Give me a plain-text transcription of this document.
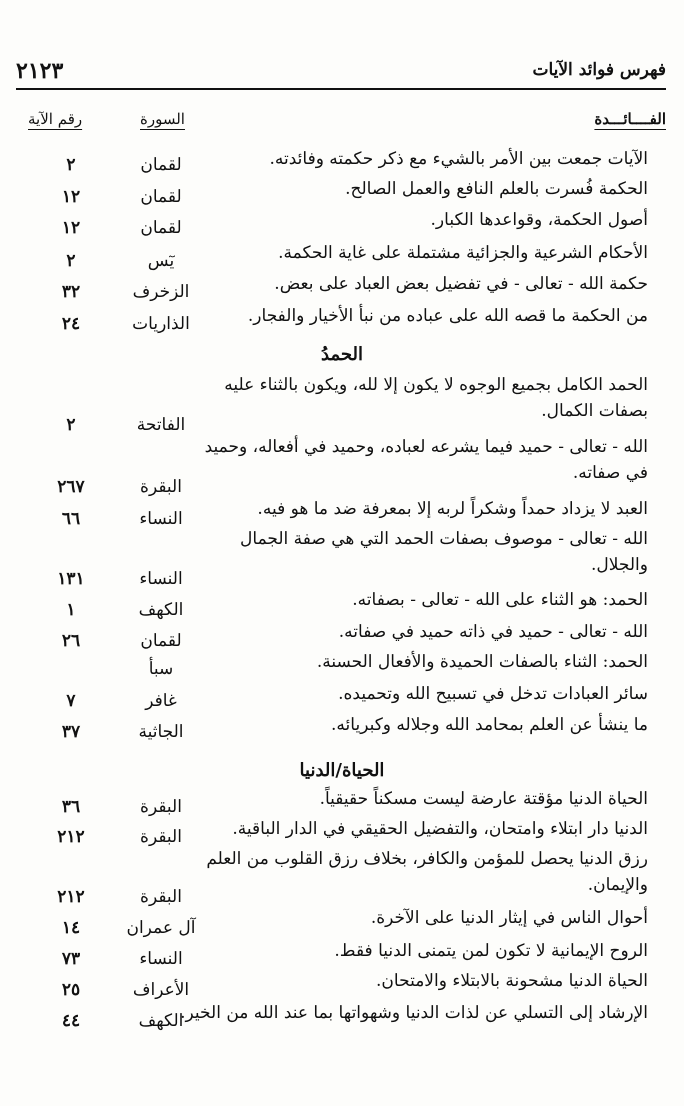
٢١٢٣	فهرس فوائد الآيات
الفــــائـــدة
السورة
رقم الآية
الآيات جمعت بين الأمر بالشيء مع ذكر حكمته وفائدته.
لقمان
٢
الحكمة فُسرت بالعلم النافع والعمل الصالح.
لقمان
١٢
أصول الحكمة، وقواعدها الكبار.
لقمان
١٢
الأحكام الشرعية والجزائية مشتملة على غاية الحكمة.
يٓس
٢
حكمة الله - تعالى - في تفضيل بعض العباد على بعض.
الزخرف
٣٢
من الحكمة ما قصه الله على عباده من نبأ الأخيار والفجار.
الذاريات
٢٤
الحمدُ
الحمد الكامل بجميع الوجوه لا يكون إلا لله، ويكون بالثناء عليه بصفات الكمال.
الفاتحة
٢
الله - تعالى - حميد فيما يشرعه لعباده، وحميد في أفعاله، وحميد في صفاته.
البقرة
٢٦٧
العبد لا يزداد حمداً وشكراً لربه إلا بمعرفة ضد ما هو فيه.
النساء
٦٦
الله - تعالى - موصوف بصفات الحمد التي هي صفة الجمال والجلال.
النساء
١٣١
الحمد: هو الثناء على الله - تعالى - بصفاته.
الكهف
١
الله - تعالى - حميد في ذاته حميد في صفاته.
لقمان
٢٦
الحمد: الثناء بالصفات الحميدة والأفعال الحسنة.
سبأ
سائر العبادات تدخل في تسبيح الله وتحميده.
غافر
٧
ما ينشأ عن العلم بمحامد الله وجلاله وكبريائه.
الجاثية
٣٧
الحياة/الدنيا
الحياة الدنيا مؤقتة عارضة ليست مسكناً حقيقياً.
البقرة
٣٦
الدنيا دار ابتلاء وامتحان، والتفضيل الحقيقي في الدار الباقية.
البقرة
٢١٢
رزق الدنيا يحصل للمؤمن والكافر، بخلاف رزق القلوب من العلم والإيمان.
البقرة
٢١٢
أحوال الناس في إيثار الدنيا على الآخرة.
آل عمران
١٤
الروح الإيمانية لا تكون لمن يتمنى الدنيا فقط.
النساء
٧٣
الحياة الدنيا مشحونة بالابتلاء والامتحان.
الأعراف
٢٥
الإرشاد إلى التسلي عن لذات الدنيا وشهواتها بما عند الله من الخير.
الكهف
٤٤
